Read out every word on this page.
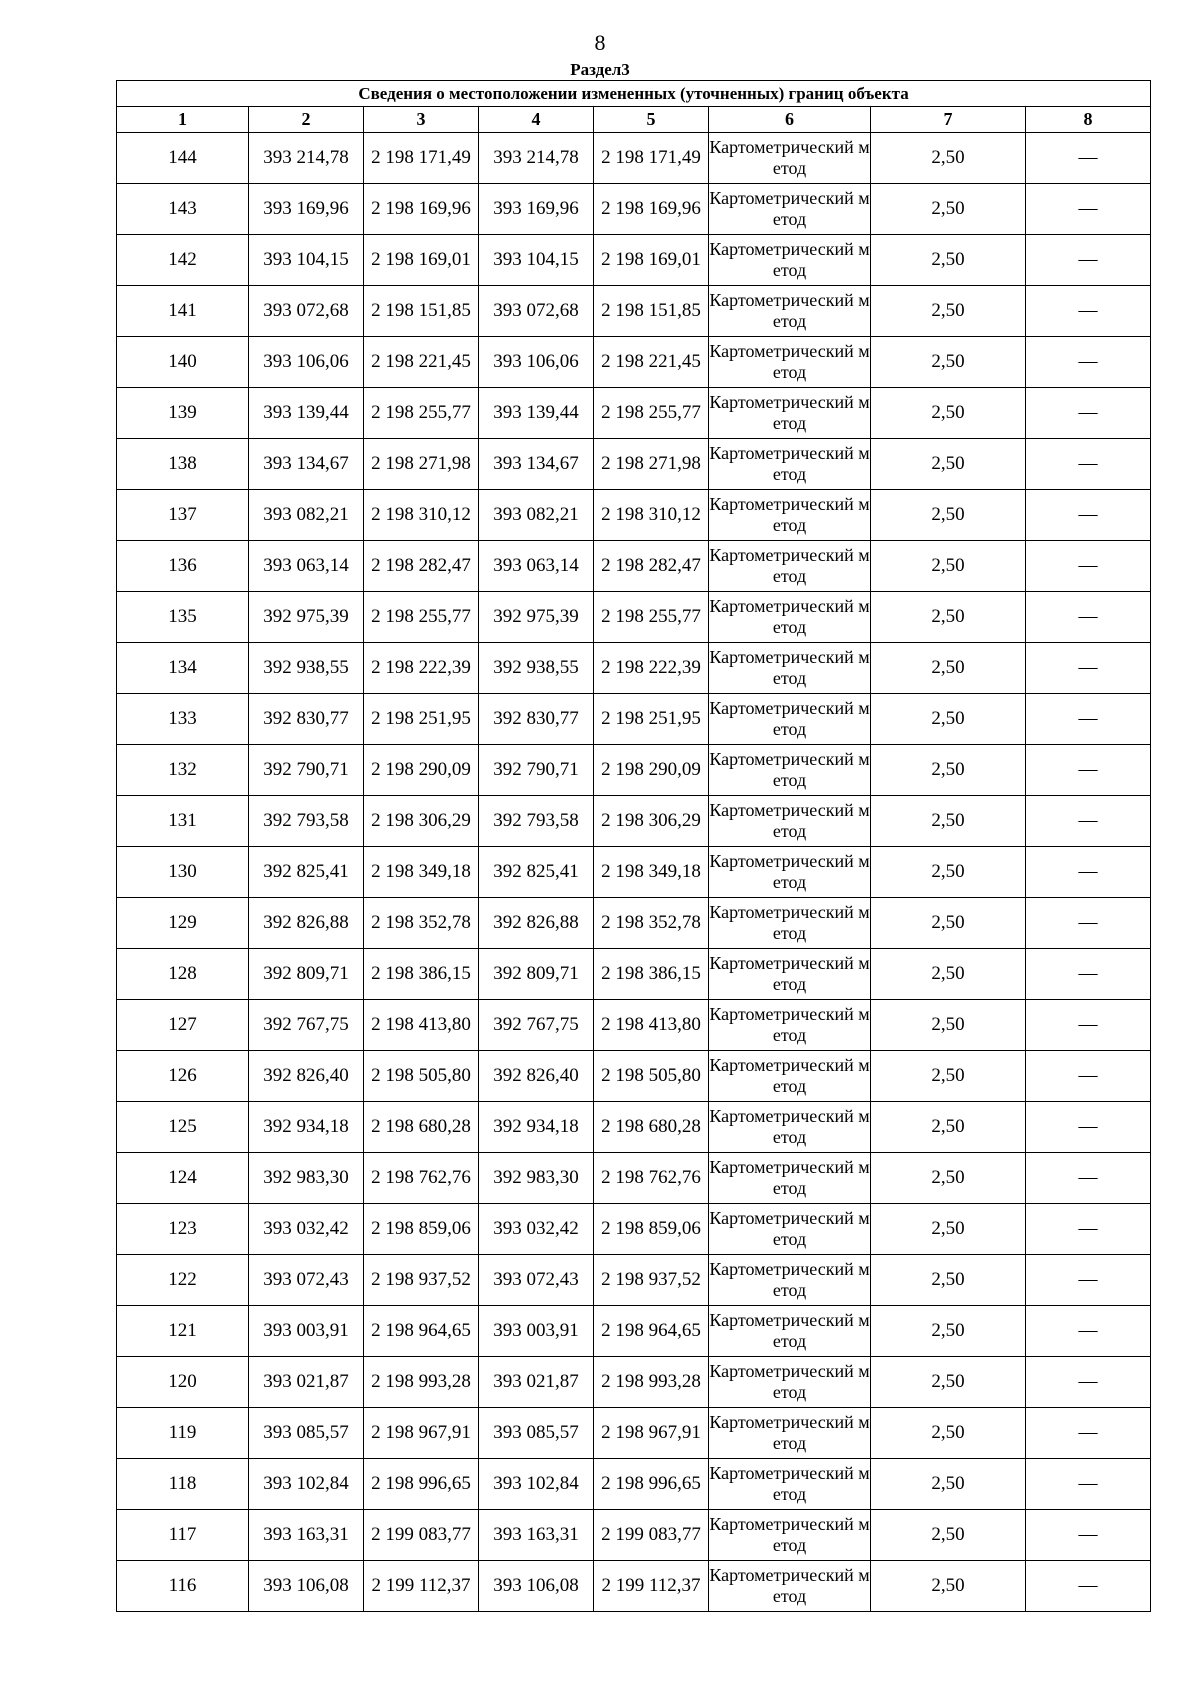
8
Раздел3
Сведения о местоположении измененных (уточненных) границ объекта							
1	2	3	4	5	6	7	8
144	393 214,78	2 198 171,49	393 214,78	2 198 171,49	Картометрический метод	2,50	—
143	393 169,96	2 198 169,96	393 169,96	2 198 169,96	Картометрический метод	2,50	—
142	393 104,15	2 198 169,01	393 104,15	2 198 169,01	Картометрический метод	2,50	—
141	393 072,68	2 198 151,85	393 072,68	2 198 151,85	Картометрический метод	2,50	—
140	393 106,06	2 198 221,45	393 106,06	2 198 221,45	Картометрический метод	2,50	—
139	393 139,44	2 198 255,77	393 139,44	2 198 255,77	Картометрический метод	2,50	—
138	393 134,67	2 198 271,98	393 134,67	2 198 271,98	Картометрический метод	2,50	—
137	393 082,21	2 198 310,12	393 082,21	2 198 310,12	Картометрический метод	2,50	—
136	393 063,14	2 198 282,47	393 063,14	2 198 282,47	Картометрический метод	2,50	—
135	392 975,39	2 198 255,77	392 975,39	2 198 255,77	Картометрический метод	2,50	—
134	392 938,55	2 198 222,39	392 938,55	2 198 222,39	Картометрический метод	2,50	—
133	392 830,77	2 198 251,95	392 830,77	2 198 251,95	Картометрический метод	2,50	—
132	392 790,71	2 198 290,09	392 790,71	2 198 290,09	Картометрический метод	2,50	—
131	392 793,58	2 198 306,29	392 793,58	2 198 306,29	Картометрический метод	2,50	—
130	392 825,41	2 198 349,18	392 825,41	2 198 349,18	Картометрический метод	2,50	—
129	392 826,88	2 198 352,78	392 826,88	2 198 352,78	Картометрический метод	2,50	—
128	392 809,71	2 198 386,15	392 809,71	2 198 386,15	Картометрический метод	2,50	—
127	392 767,75	2 198 413,80	392 767,75	2 198 413,80	Картометрический метод	2,50	—
126	392 826,40	2 198 505,80	392 826,40	2 198 505,80	Картометрический метод	2,50	—
125	392 934,18	2 198 680,28	392 934,18	2 198 680,28	Картометрический метод	2,50	—
124	392 983,30	2 198 762,76	392 983,30	2 198 762,76	Картометрический метод	2,50	—
123	393 032,42	2 198 859,06	393 032,42	2 198 859,06	Картометрический метод	2,50	—
122	393 072,43	2 198 937,52	393 072,43	2 198 937,52	Картометрический метод	2,50	—
121	393 003,91	2 198 964,65	393 003,91	2 198 964,65	Картометрический метод	2,50	—
120	393 021,87	2 198 993,28	393 021,87	2 198 993,28	Картометрический метод	2,50	—
119	393 085,57	2 198 967,91	393 085,57	2 198 967,91	Картометрический метод	2,50	—
118	393 102,84	2 198 996,65	393 102,84	2 198 996,65	Картометрический метод	2,50	—
117	393 163,31	2 199 083,77	393 163,31	2 199 083,77	Картометрический метод	2,50	—
116	393 106,08	2 199 112,37	393 106,08	2 199 112,37	Картометрический метод	2,50	—
